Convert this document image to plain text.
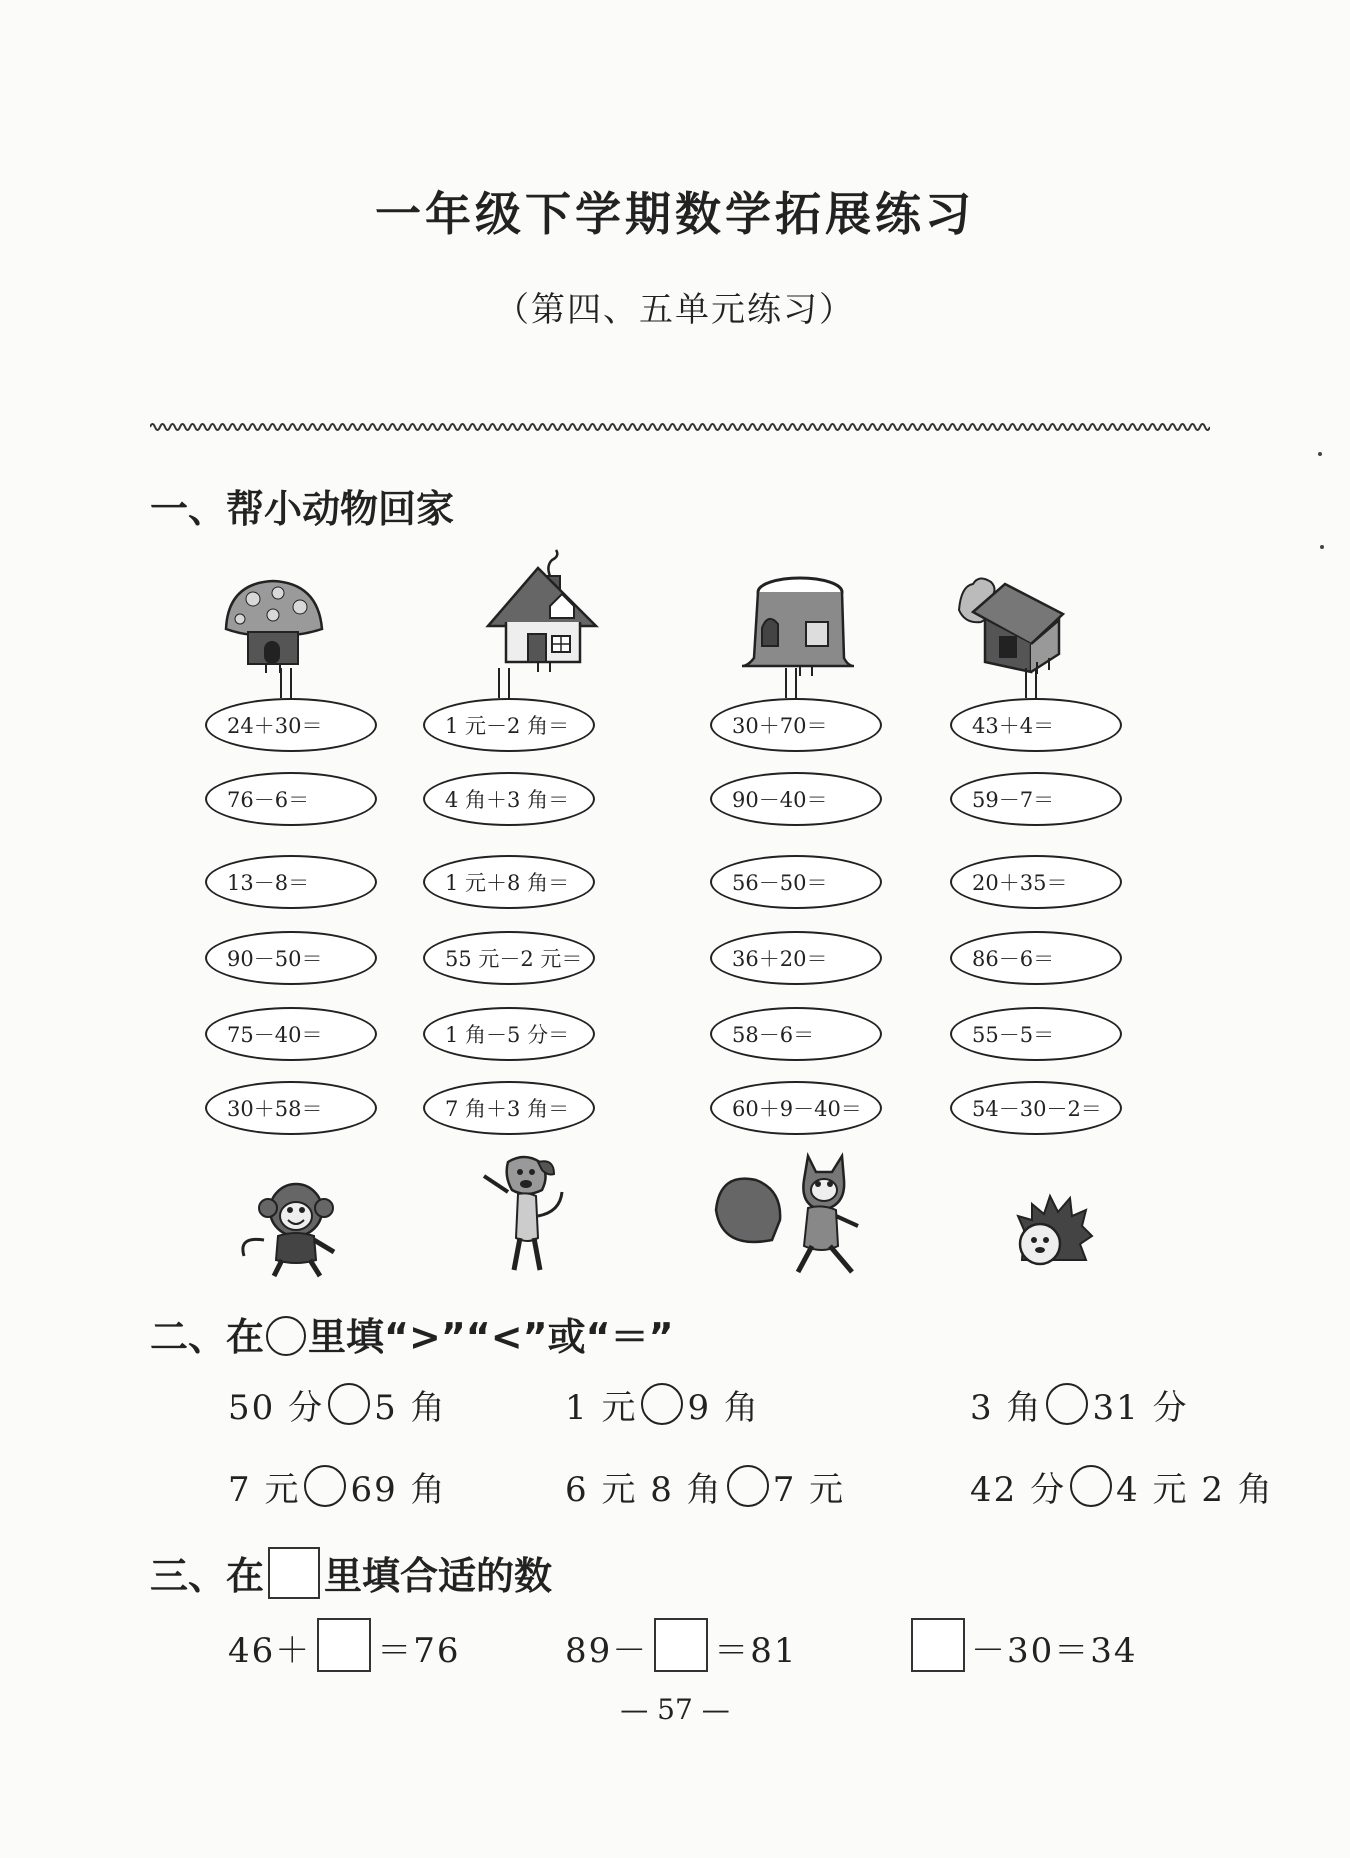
一年级下学期数学拓展练习
（第四、五单元练习）
一、帮小动物回家
24＋30＝
76－6＝
13－8＝
90－50＝
75－40＝
30＋58＝
1 元－2 角＝
4 角＋3 角＝
1 元＋8 角＝
55 元－2 元＝
1 角－5 分＝
7 角＋3 角＝
30＋70＝
90－40＝
56－50＝
36＋20＝
58－6＝
60＋9－40＝
43＋4＝
59－7＝
20＋35＝
86－6＝
55－5＝
54－30－2＝
二、在 里填“>”“<”或“＝”
50 分 5 角	1 元 9 角	3 角 31 分
7 元 69 角	6 元 8 角 7 元	42 分 4 元 2 角
三、在 里填合适的数
46＋ ＝76	89－ ＝81	－30＝34
— 57 —
